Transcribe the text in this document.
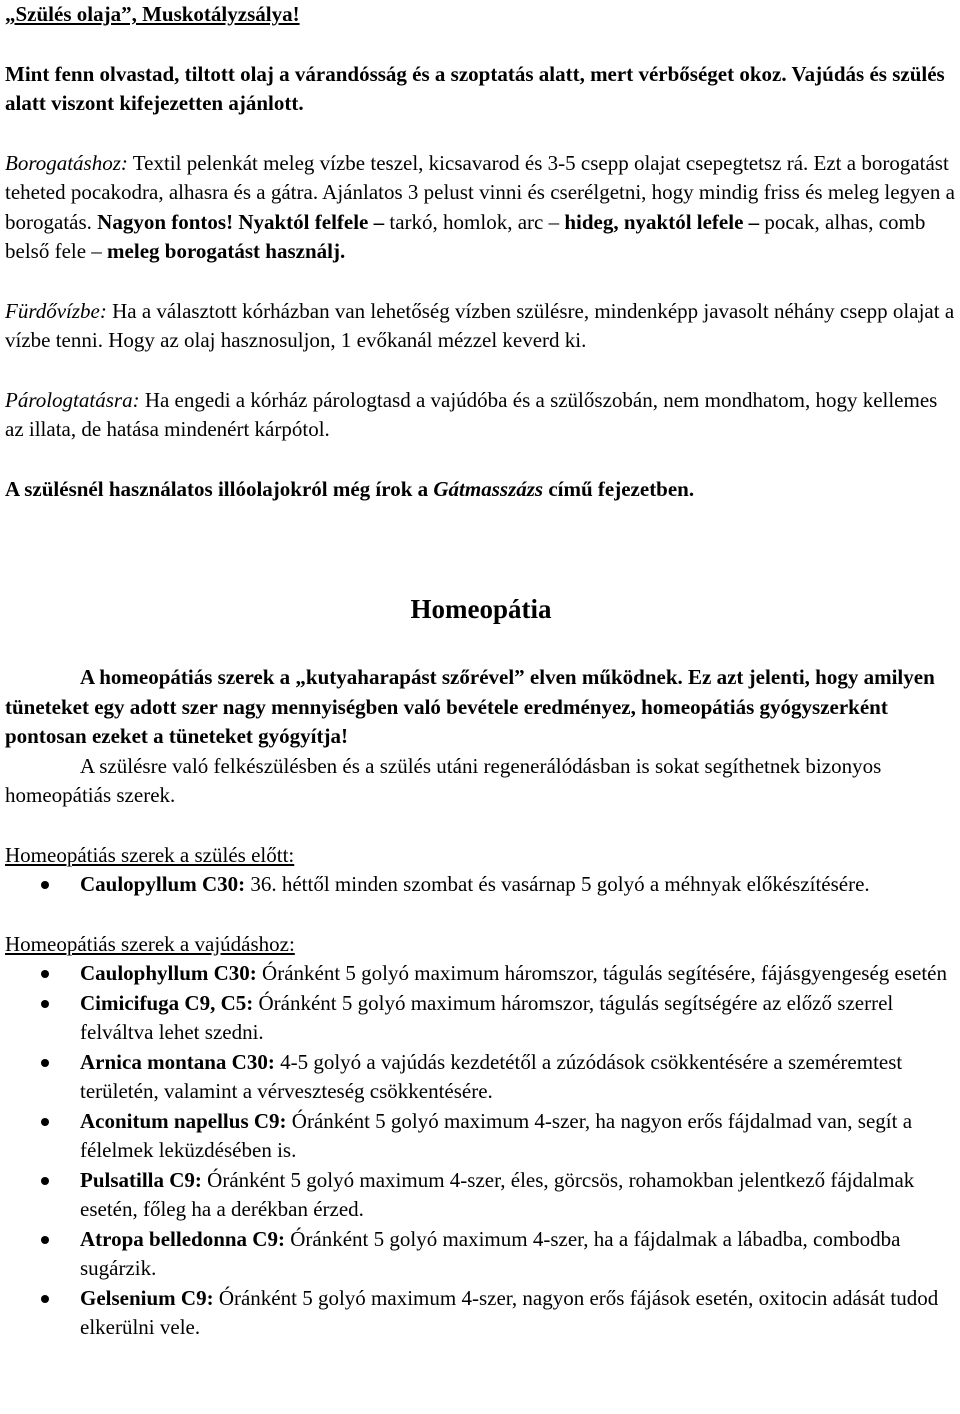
„Szülés olaja”, Muskotályzsálya!

Mint fenn olvastad, tiltott olaj a várandósság és a szoptatás alatt, mert vérbőséget okoz. Vajúdás és szülés alatt viszont kifejezetten ajánlott.

Borogatáshoz: Textil pelenkát meleg vízbe teszel, kicsavarod és 3-5 csepp olajat csepegtetsz rá. Ezt a borogatást teheted pocakodra, alhasra és a gátra. Ajánlatos 3 pelust vinni és cserélgetni, hogy mindig friss és meleg legyen a borogatás. Nagyon fontos! Nyaktól felfele – tarkó, homlok, arc – hideg, nyaktól lefele – pocak, alhas, comb belső fele – meleg borogatást használj.

Fürdővízbe: Ha a választott kórházban van lehetőség vízben szülésre, mindenképp javasolt néhány csepp olajat a vízbe tenni. Hogy az olaj hasznosuljon, 1 evőkanál mézzel keverd ki.

Párologtatásra: Ha engedi a kórház párologtasd a vajúdóba és a szülőszobán, nem mondhatom, hogy kellemes az illata, de hatása mindenért kárpótol.

A szülésnél használatos illóolajokról még írok a Gátmasszázs című fejezetben.

Homeopátia

A homeopátiás szerek a „kutyaharapást szőrével” elven működnek. Ez azt jelenti, hogy amilyen tüneteket egy adott szer nagy mennyiségben való bevétele eredményez, homeopátiás gyógyszerként pontosan ezeket a tüneteket gyógyítja!

A szülésre való felkészülésben és a szülés utáni regenerálódásban is sokat segíthetnek bizonyos homeopátiás szerek.

Homeopátiás szerek a szülés előtt:

Caulopyllum C30: 36. héttől minden szombat és vasárnap 5 golyó a méhnyak előkészítésére.

Homeopátiás szerek a vajúdáshoz:

Caulophyllum C30: Óránként 5 golyó maximum háromszor, tágulás segítésére, fájásgyengeség esetén
Cimicifuga C9, C5: Óránként 5 golyó maximum háromszor, tágulás segítségére az előző szerrel felváltva lehet szedni.
Arnica montana C30: 4-5 golyó a vajúdás kezdetétől a zúzódások csökkentésére a szeméremtest területén, valamint a vérveszteség csökkentésére.
Aconitum napellus C9: Óránként 5 golyó maximum 4-szer, ha nagyon erős fájdalmad van, segít a félelmek leküzdésében is.
Pulsatilla C9: Óránként 5 golyó maximum 4-szer, éles, görcsös, rohamokban jelentkező fájdalmak esetén, főleg ha a derékban érzed.
Atropa belledonna C9: Óránként 5 golyó maximum 4-szer, ha a fájdalmak a lábadba, combodba sugárzik.
Gelsenium C9: Óránként 5 golyó maximum 4-szer, nagyon erős fájások esetén, oxitocin adását tudod elkerülni vele.
